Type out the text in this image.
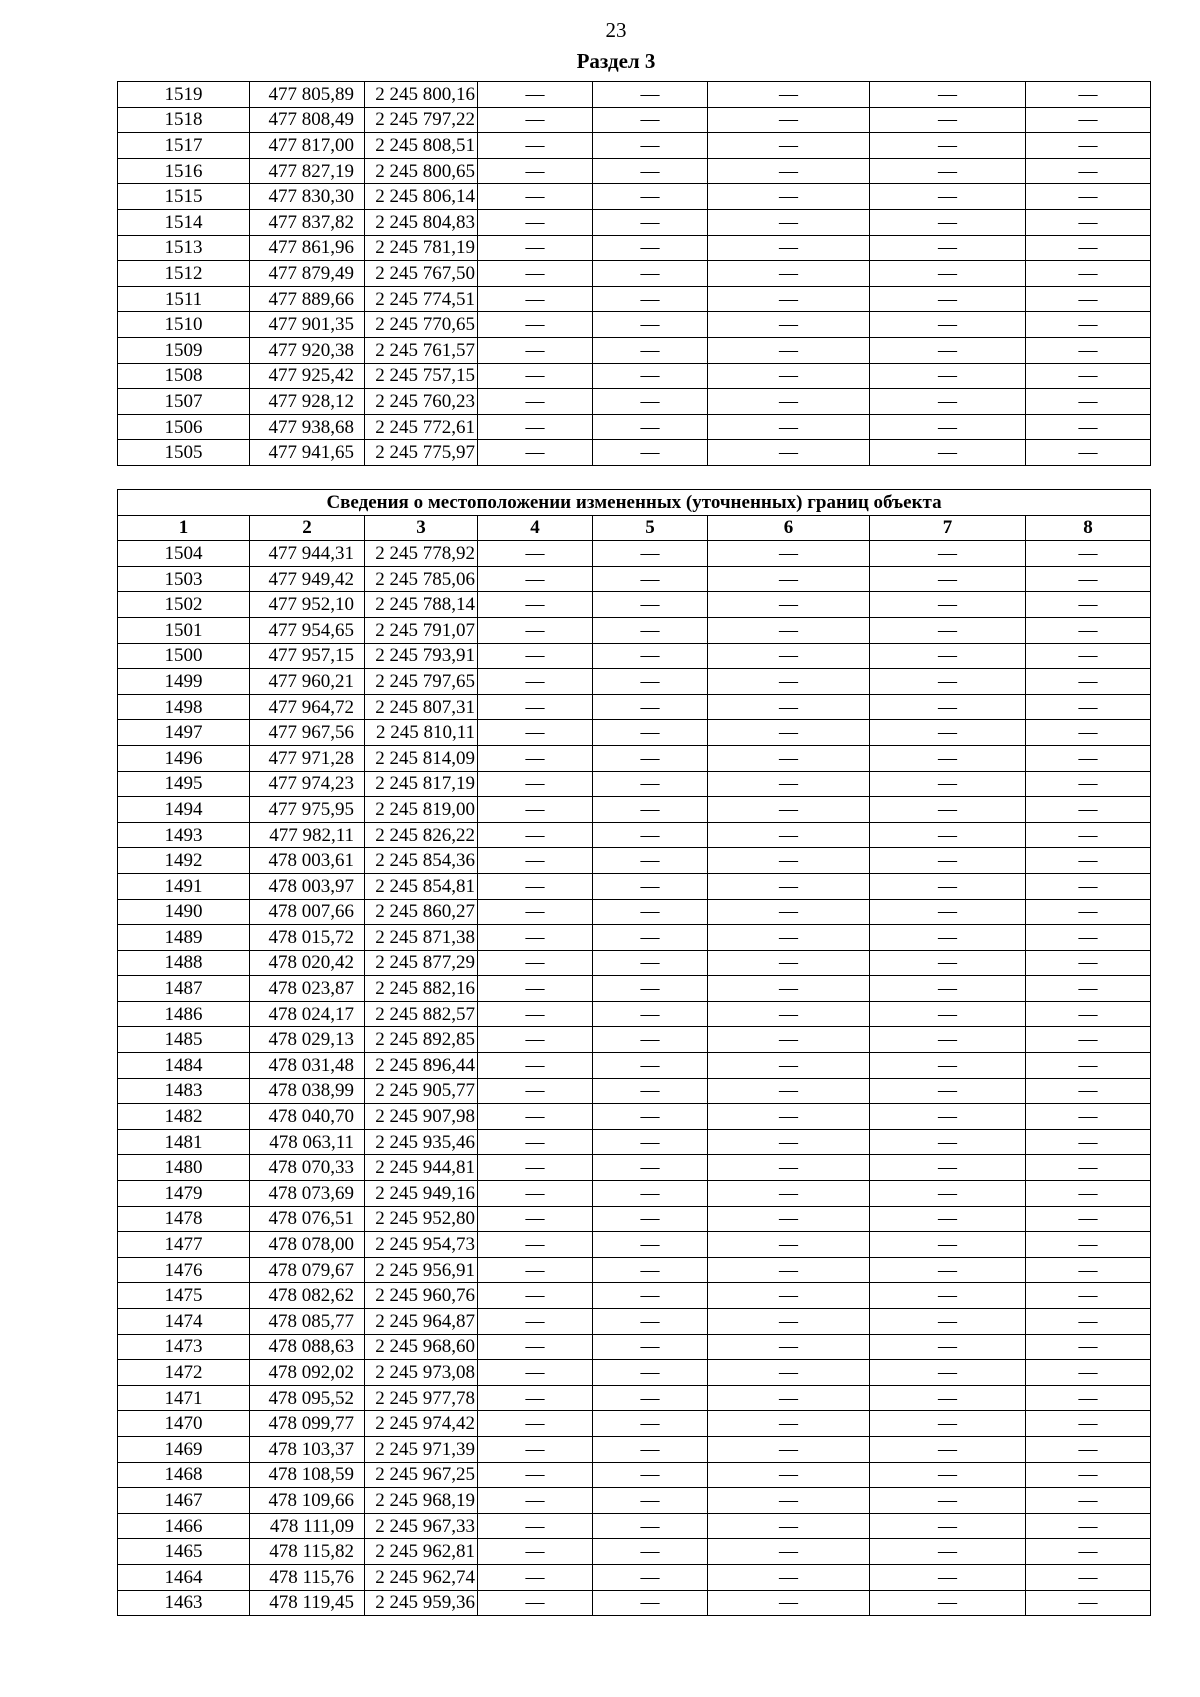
23
Раздел 3
1519	477 805,89	2 245 800,16	—	—	—	—	—
1518	477 808,49	2 245 797,22	—	—	—	—	—
1517	477 817,00	2 245 808,51	—	—	—	—	—
1516	477 827,19	2 245 800,65	—	—	—	—	—
1515	477 830,30	2 245 806,14	—	—	—	—	—
1514	477 837,82	2 245 804,83	—	—	—	—	—
1513	477 861,96	2 245 781,19	—	—	—	—	—
1512	477 879,49	2 245 767,50	—	—	—	—	—
1511	477 889,66	2 245 774,51	—	—	—	—	—
1510	477 901,35	2 245 770,65	—	—	—	—	—
1509	477 920,38	2 245 761,57	—	—	—	—	—
1508	477 925,42	2 245 757,15	—	—	—	—	—
1507	477 928,12	2 245 760,23	—	—	—	—	—
1506	477 938,68	2 245 772,61	—	—	—	—	—
1505	477 941,65	2 245 775,97	—	—	—	—	—
Сведения о местоположении измененных (уточненных) границ объекта							
1	2	3	4	5	6	7	8
1504	477 944,31	2 245 778,92	—	—	—	—	—
1503	477 949,42	2 245 785,06	—	—	—	—	—
1502	477 952,10	2 245 788,14	—	—	—	—	—
1501	477 954,65	2 245 791,07	—	—	—	—	—
1500	477 957,15	2 245 793,91	—	—	—	—	—
1499	477 960,21	2 245 797,65	—	—	—	—	—
1498	477 964,72	2 245 807,31	—	—	—	—	—
1497	477 967,56	2 245 810,11	—	—	—	—	—
1496	477 971,28	2 245 814,09	—	—	—	—	—
1495	477 974,23	2 245 817,19	—	—	—	—	—
1494	477 975,95	2 245 819,00	—	—	—	—	—
1493	477 982,11	2 245 826,22	—	—	—	—	—
1492	478 003,61	2 245 854,36	—	—	—	—	—
1491	478 003,97	2 245 854,81	—	—	—	—	—
1490	478 007,66	2 245 860,27	—	—	—	—	—
1489	478 015,72	2 245 871,38	—	—	—	—	—
1488	478 020,42	2 245 877,29	—	—	—	—	—
1487	478 023,87	2 245 882,16	—	—	—	—	—
1486	478 024,17	2 245 882,57	—	—	—	—	—
1485	478 029,13	2 245 892,85	—	—	—	—	—
1484	478 031,48	2 245 896,44	—	—	—	—	—
1483	478 038,99	2 245 905,77	—	—	—	—	—
1482	478 040,70	2 245 907,98	—	—	—	—	—
1481	478 063,11	2 245 935,46	—	—	—	—	—
1480	478 070,33	2 245 944,81	—	—	—	—	—
1479	478 073,69	2 245 949,16	—	—	—	—	—
1478	478 076,51	2 245 952,80	—	—	—	—	—
1477	478 078,00	2 245 954,73	—	—	—	—	—
1476	478 079,67	2 245 956,91	—	—	—	—	—
1475	478 082,62	2 245 960,76	—	—	—	—	—
1474	478 085,77	2 245 964,87	—	—	—	—	—
1473	478 088,63	2 245 968,60	—	—	—	—	—
1472	478 092,02	2 245 973,08	—	—	—	—	—
1471	478 095,52	2 245 977,78	—	—	—	—	—
1470	478 099,77	2 245 974,42	—	—	—	—	—
1469	478 103,37	2 245 971,39	—	—	—	—	—
1468	478 108,59	2 245 967,25	—	—	—	—	—
1467	478 109,66	2 245 968,19	—	—	—	—	—
1466	478 111,09	2 245 967,33	—	—	—	—	—
1465	478 115,82	2 245 962,81	—	—	—	—	—
1464	478 115,76	2 245 962,74	—	—	—	—	—
1463	478 119,45	2 245 959,36	—	—	—	—	—
